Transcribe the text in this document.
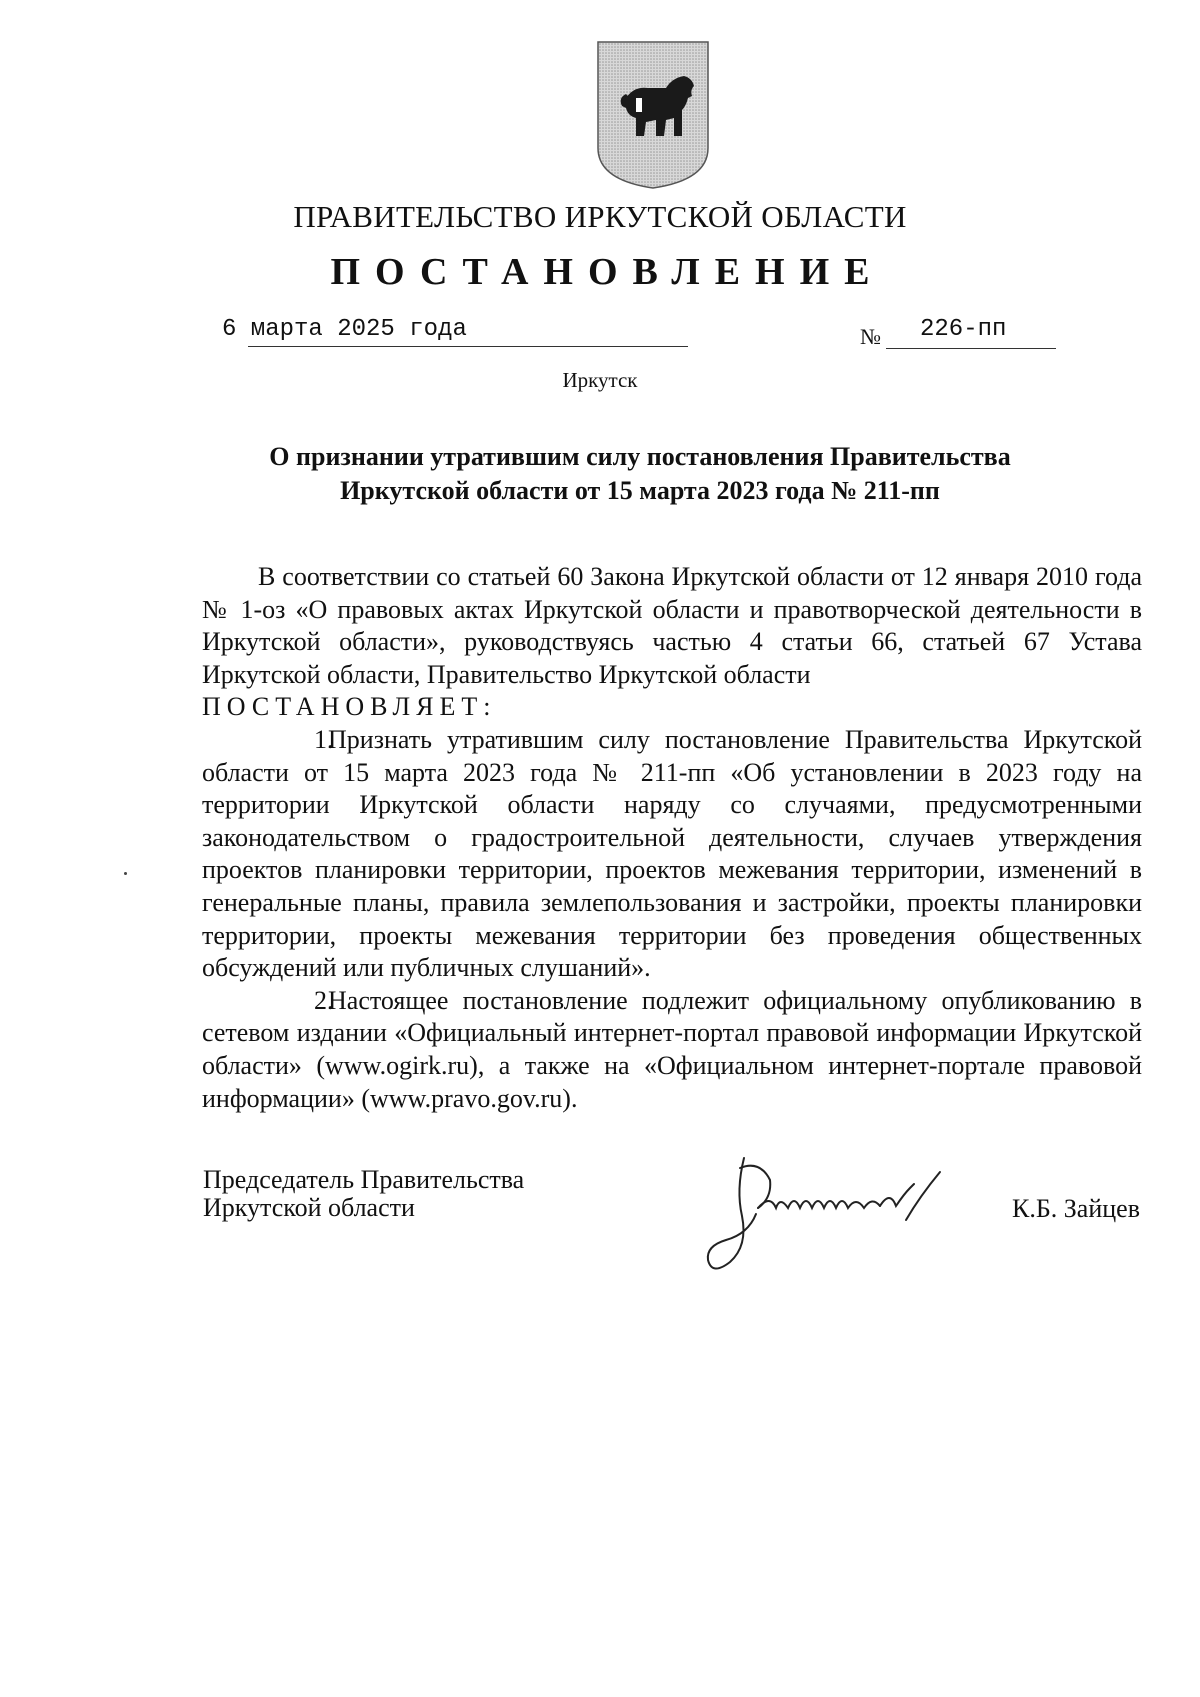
ПРАВИТЕЛЬСТВО ИРКУТСКОЙ ОБЛАСТИ
ПОСТАНОВЛЕНИЕ
6 марта 2025 года	№ 226-пп
Иркутск
О признании утратившим силу постановления Правительства
Иркутской области от 15 марта 2023 года № 211-пп

В соответствии со статьей 60 Закона Иркутской области от 12 января 2010 года № 1-оз «О правовых актах Иркутской области и правотворческой деятельности в Иркутской области», руководствуясь частью 4 статьи 66, статьей 67 Устава Иркутской области, Правительство Иркутской области

ПОСТАНОВЛЯЕТ:

1.Признать утратившим силу постановление Правительства Иркутской области от 15 марта 2023 года № 211-пп «Об установлении в 2023 году на территории Иркутской области наряду со случаями, предусмотренными законодательством о градостроительной деятельности, случаев утверждения проектов планировки территории, проектов межевания территории, изменений в генеральные планы, правила землепользования и застройки, проекты планировки территории, проекты межевания территории без проведения общественных обсуждений или публичных слушаний».

2.Настоящее постановление подлежит официальному опубликованию в сетевом издании «Официальный интернет-портал правовой информации Иркутской области» (www.ogirk.ru), а также на «Официальном интернет-портале правовой информации» (www.pravo.gov.ru).

Председатель Правительства
Иркутской области	К.Б. Зайцев
